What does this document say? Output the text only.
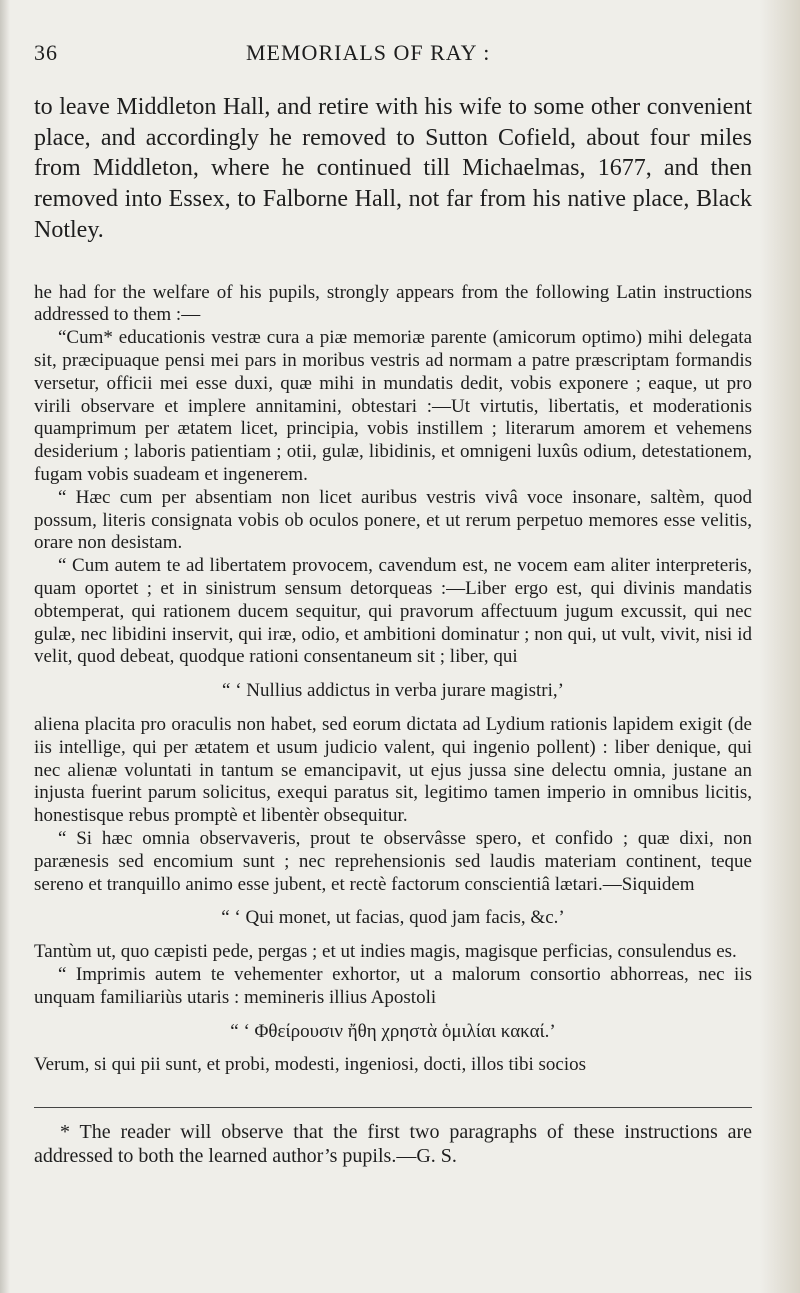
36	MEMORIALS OF RAY :

to leave Middleton Hall, and retire with his wife to some other convenient place, and accordingly he removed to Sutton Cofield, about four miles from Middleton, where he continued till Michaelmas, 1677, and then removed into Essex, to Falborne Hall, not far from his native place, Black Notley.

he had for the welfare of his pupils, strongly appears from the following Latin instructions addressed to them :—

“Cum* educationis vestræ cura a piæ memoriæ parente (amicorum optimo) mihi delegata sit, præcipuaque pensi mei pars in moribus vestris ad normam a patre præscriptam formandis versetur, officii mei esse duxi, quæ mihi in mundatis dedit, vobis exponere ; eaque, ut pro virili observare et implere annitamini, obtestari :—Ut virtutis, libertatis, et moderationis quamprimum per ætatem licet, principia, vobis instillem ; literarum amorem et vehemens desiderium ; laboris patientiam ; otii, gulæ, libidinis, et omnigeni luxûs odium, detestationem, fugam vobis suadeam et ingenerem.

“ Hæc cum per absentiam non licet auribus vestris vivâ voce insonare, saltèm, quod possum, literis consignata vobis ob oculos ponere, et ut rerum perpetuo memores esse velitis, orare non desistam.

“ Cum autem te ad libertatem provocem, cavendum est, ne vocem eam aliter interpreteris, quam oportet ; et in sinistrum sensum detorqueas :—Liber ergo est, qui divinis mandatis obtemperat, qui rationem ducem sequitur, qui pravorum affectuum jugum excussit, qui nec gulæ, nec libidini inservit, qui iræ, odio, et ambitioni dominatur ; non qui, ut vult, vivit, nisi id velit, quod debeat, quodque rationi consentaneum sit ; liber, qui

“ ‘ Nullius addictus in verba jurare magistri,’

aliena placita pro oraculis non habet, sed eorum dictata ad Lydium rationis lapidem exigit (de iis intellige, qui per ætatem et usum judicio valent, qui ingenio pollent) : liber denique, qui nec alienæ voluntati in tantum se emancipavit, ut ejus jussa sine delectu omnia, justane an injusta fuerint parum solicitus, exequi paratus sit, legitimo tamen imperio in omnibus licitis, honestisque rebus promptè et libentèr obsequitur.

“ Si hæc omnia observaveris, prout te observâsse spero, et confido ; quæ dixi, non parænesis sed encomium sunt ; nec reprehensionis sed laudis materiam continent, teque sereno et tranquillo animo esse jubent, et rectè factorum conscientiâ lætari.—Siquidem

“ ‘ Qui monet, ut facias, quod jam facis, &c.’

Tantùm ut, quo cæpisti pede, pergas ; et ut indies magis, magisque perficias, consulendus es.

“ Imprimis autem te vehementer exhortor, ut a malorum consortio abhorreas, nec iis unquam familiariùs utaris : memineris illius Apostoli

“ ‘ Φθείρουσιν ἤθη χρηστὰ ὁμιλίαι κακαί.’

Verum, si qui pii sunt, et probi, modesti, ingeniosi, docti, illos tibi socios

* The reader will observe that the first two paragraphs of these instructions are addressed to both the learned author’s pupils.—G. S.
